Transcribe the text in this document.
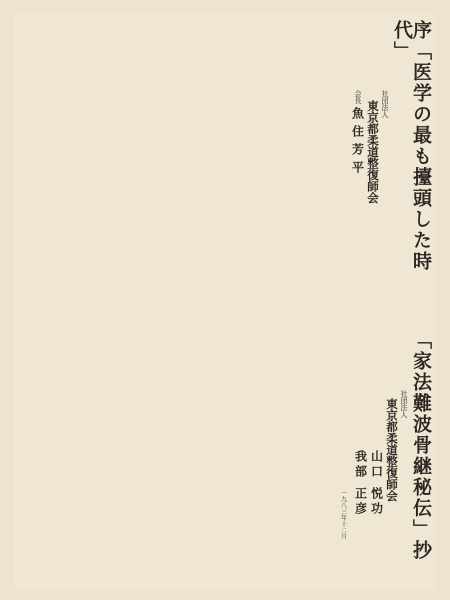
序「医学の最も擡頭した時代」
社団法人
東京都柔道整復師会
会長
魚住芳平

「家法難波骨継秘伝」抄
社団法人
東京都柔道整復師会
山口 悦功
我部 正彦

一九八三年十二月
